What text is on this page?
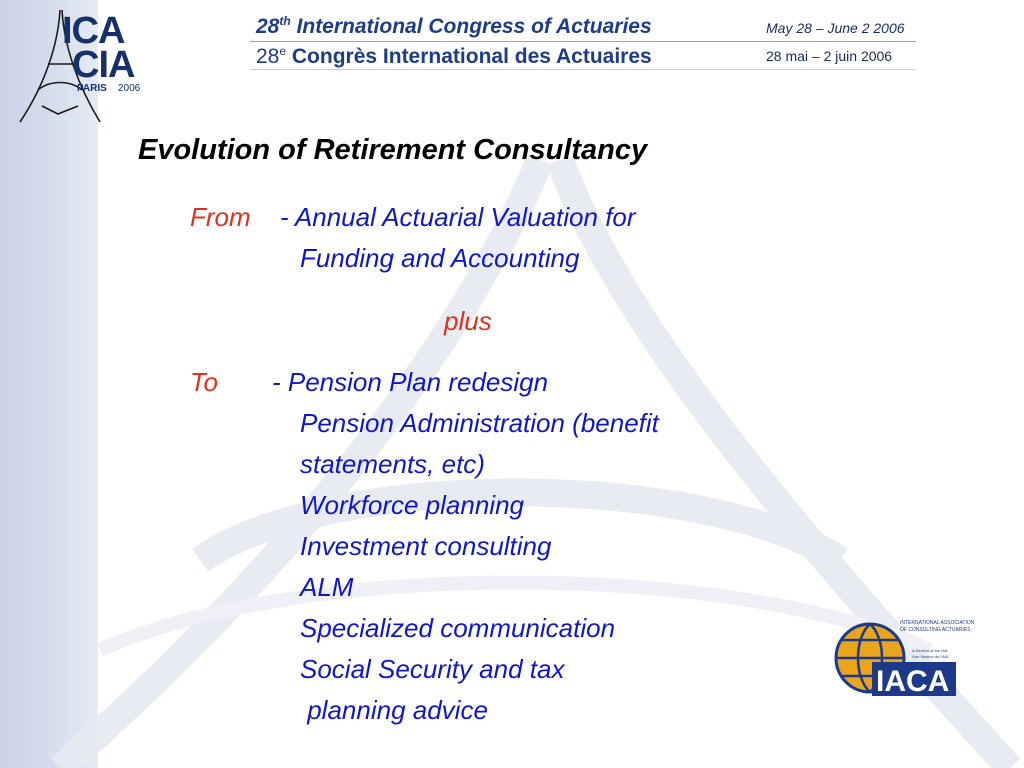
ICA
CIA
PARIS 2006
28th International Congress of Actuaries
28e Congrès International des Actuaires
May 28 – June 2 2006
28 mai – 2 juin 2006
Evolution of Retirement Consultancy
From - Annual Actuarial Valuation for
Funding and Accounting
plus
To - Pension Plan redesign
Pension Administration (benefit
statements, etc)
Workforce planning
Investment consulting
ALM
Specialized communication
Social Security and tax
planning advice
IACA
INTERNATIONAL ASSOCIATION
OF CONSULTING ACTUARIES
A Section of the IAA
Une Section de l'AAI
